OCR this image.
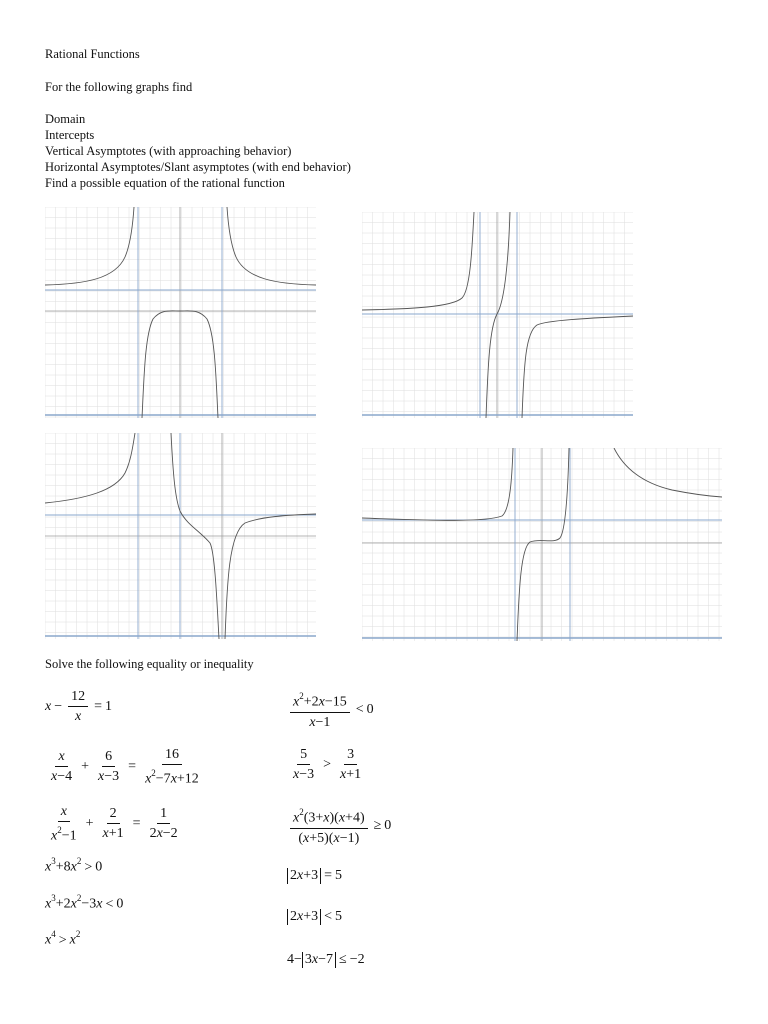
Rational Functions
For the following graphs find
Domain
Intercepts
Vertical Asymptotes (with approaching behavior)
Horizontal Asymptotes/Slant asymptotes (with end behavior)
Find a possible equation of the rational function
Solve the following equality or inequality
$x - \frac{12}{x} = 1$
$\frac{x}{x-4} + \frac{6}{x-3} = \frac{16}{x^2-7x+12}$
$\frac{x}{x^2-1} + \frac{2}{x+1} = \frac{1}{2x-2}$
$x^3+8x^2 > 0$
$x^3+2x^2-3x < 0$
$x^4 > x^2$
$\frac{x^2+2x-15}{x-1} < 0$
$\frac{5}{x-3} > \frac{3}{x+1}$
$\frac{x^2(3+x)(x+4)}{(x+5)(x-1)} \ge 0$
2x+3 = 5
2x+3 < 5
4− 3x−7 ≤ −2
